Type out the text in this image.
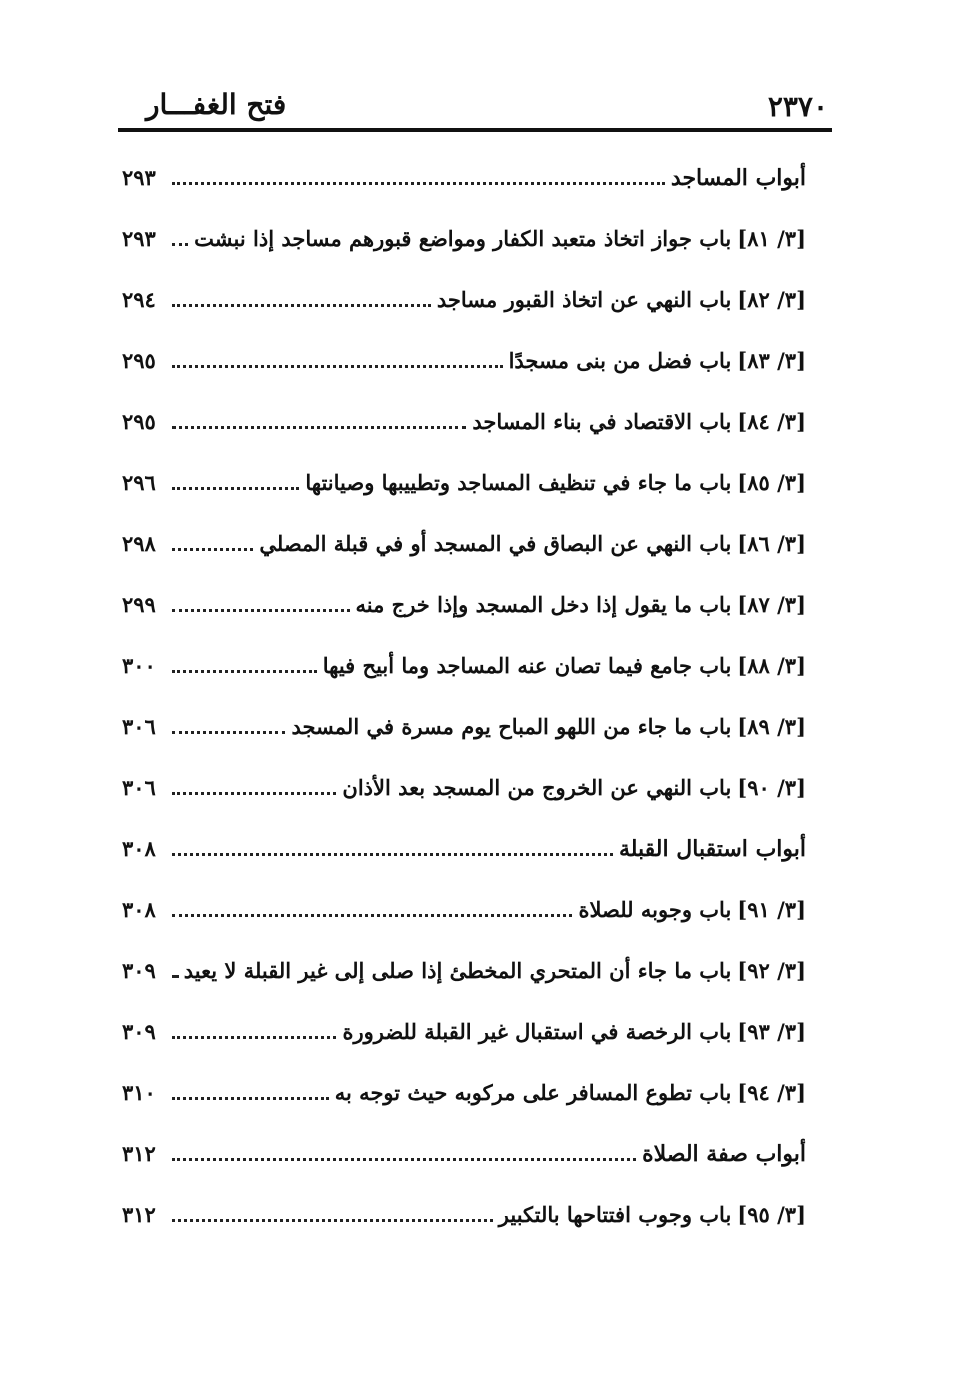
٢٣٧٠
فتح الغفـــار
أبواب المساجد
٢٩٣
[٣/ ٨١]
باب جواز اتخاذ متعبد الكفار ومواضع قبورهم مساجد إذا نبشت
٢٩٣
[٣/ ٨٢]
باب النهي عن اتخاذ القبور مساجد
٢٩٤
[٣/ ٨٣]
باب فضل من بنى مسجدًا
٢٩٥
[٣/ ٨٤]
باب الاقتصاد في بناء المساجد
٢٩٥
[٣/ ٨٥]
باب ما جاء في تنظيف المساجد وتطييبها وصيانتها
٢٩٦
[٣/ ٨٦]
باب النهي عن البصاق في المسجد أو في قبلة المصلي
٢٩٨
[٣/ ٨٧]
باب ما يقول إذا دخل المسجد وإذا خرج منه
٢٩٩
[٣/ ٨٨]
باب جامع فيما تصان عنه المساجد وما أبيح فيها
٣٠٠
[٣/ ٨٩]
باب ما جاء من اللهو المباح يوم مسرة في المسجد
٣٠٦
[٣/ ٩٠]
باب النهي عن الخروج من المسجد بعد الأذان
٣٠٦
أبواب استقبال القبلة
٣٠٨
[٣/ ٩١]
باب وجوبه للصلاة
٣٠٨
[٣/ ٩٢]
باب ما جاء أن المتحري المخطئ إذا صلى إلى غير القبلة لا يعيد
٣٠٩
[٣/ ٩٣]
باب الرخصة في استقبال غير القبلة للضرورة
٣٠٩
[٣/ ٩٤]
باب تطوع المسافر على مركوبه حيث توجه به
٣١٠
أبواب صفة الصلاة
٣١٢
[٣/ ٩٥]
باب وجوب افتتاحها بالتكبير
٣١٢
